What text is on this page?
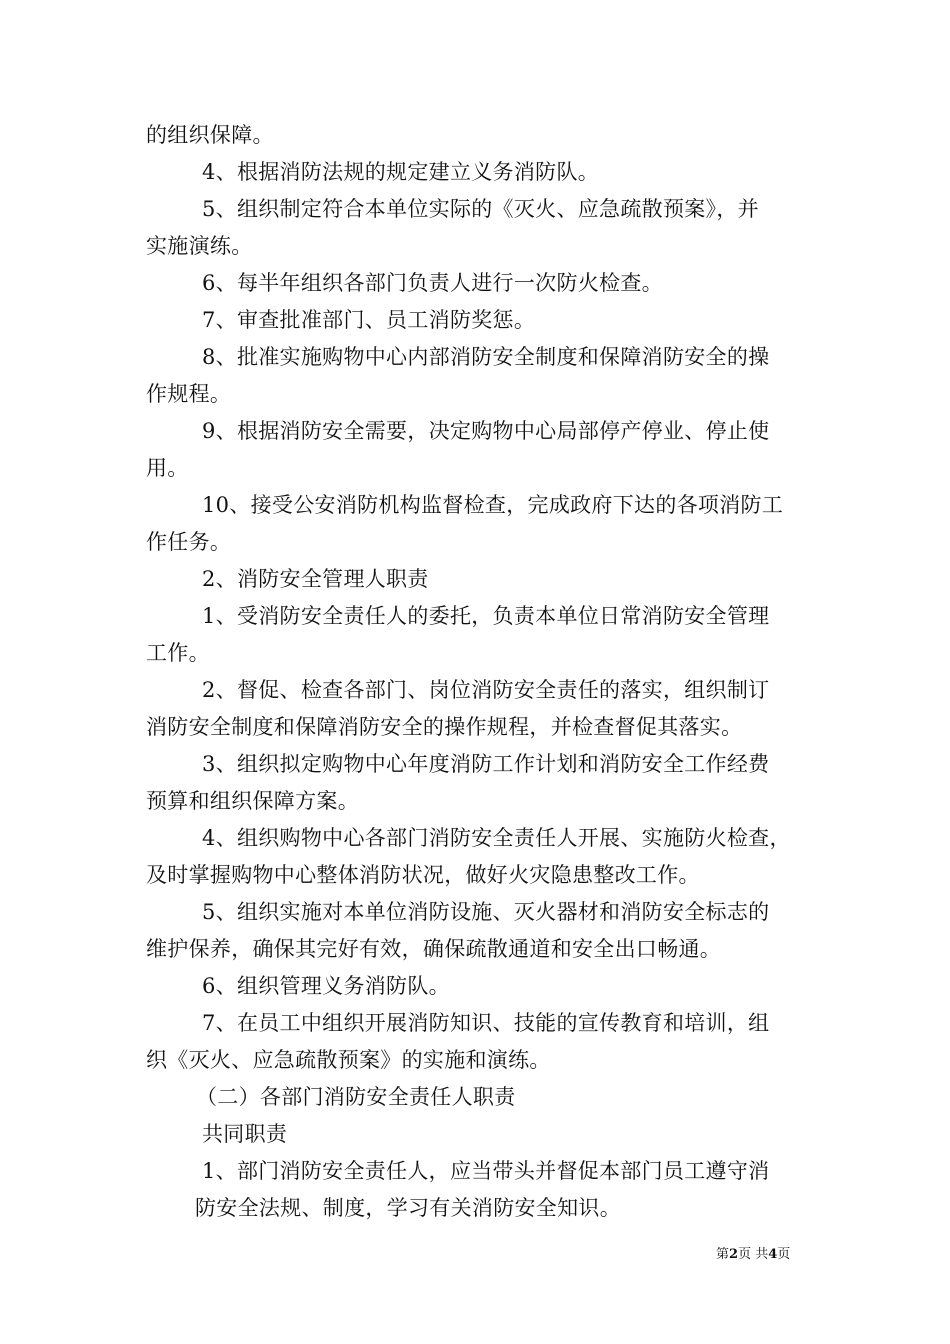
的组织保障。
4、根据消防法规的规定建立义务消防队。
5、组织制定符合本单位实际的《灭火、应急疏散预案》，并
实施演练。
6、每半年组织各部门负责人进行一次防火检查。
7、审查批准部门、员工消防奖惩。
8、批准实施购物中心内部消防安全制度和保障消防安全的操
作规程。
9、根据消防安全需要，决定购物中心局部停产停业、停止使
用。
10、接受公安消防机构监督检查，完成政府下达的各项消防工
作任务。
2、消防安全管理人职责
1、受消防安全责任人的委托，负责本单位日常消防安全管理
工作。
2、督促、检查各部门、岗位消防安全责任的落实，组织制订
消防安全制度和保障消防安全的操作规程，并检查督促其落实。
3、组织拟定购物中心年度消防工作计划和消防安全工作经费
预算和组织保障方案。
4、组织购物中心各部门消防安全责任人开展、实施防火检查，
及时掌握购物中心整体消防状况，做好火灾隐患整改工作。
5、组织实施对本单位消防设施、灭火器材和消防安全标志的
维护保养，确保其完好有效，确保疏散通道和安全出口畅通。
6、组织管理义务消防队。
7、在员工中组织开展消防知识、技能的宣传教育和培训，组
织《灭火、应急疏散预案》的实施和演练。
（二）各部门消防安全责任人职责
共同职责
1、部门消防安全责任人，应当带头并督促本部门员工遵守消
防安全法规、制度，学习有关消防安全知识。
第2页 共4页
